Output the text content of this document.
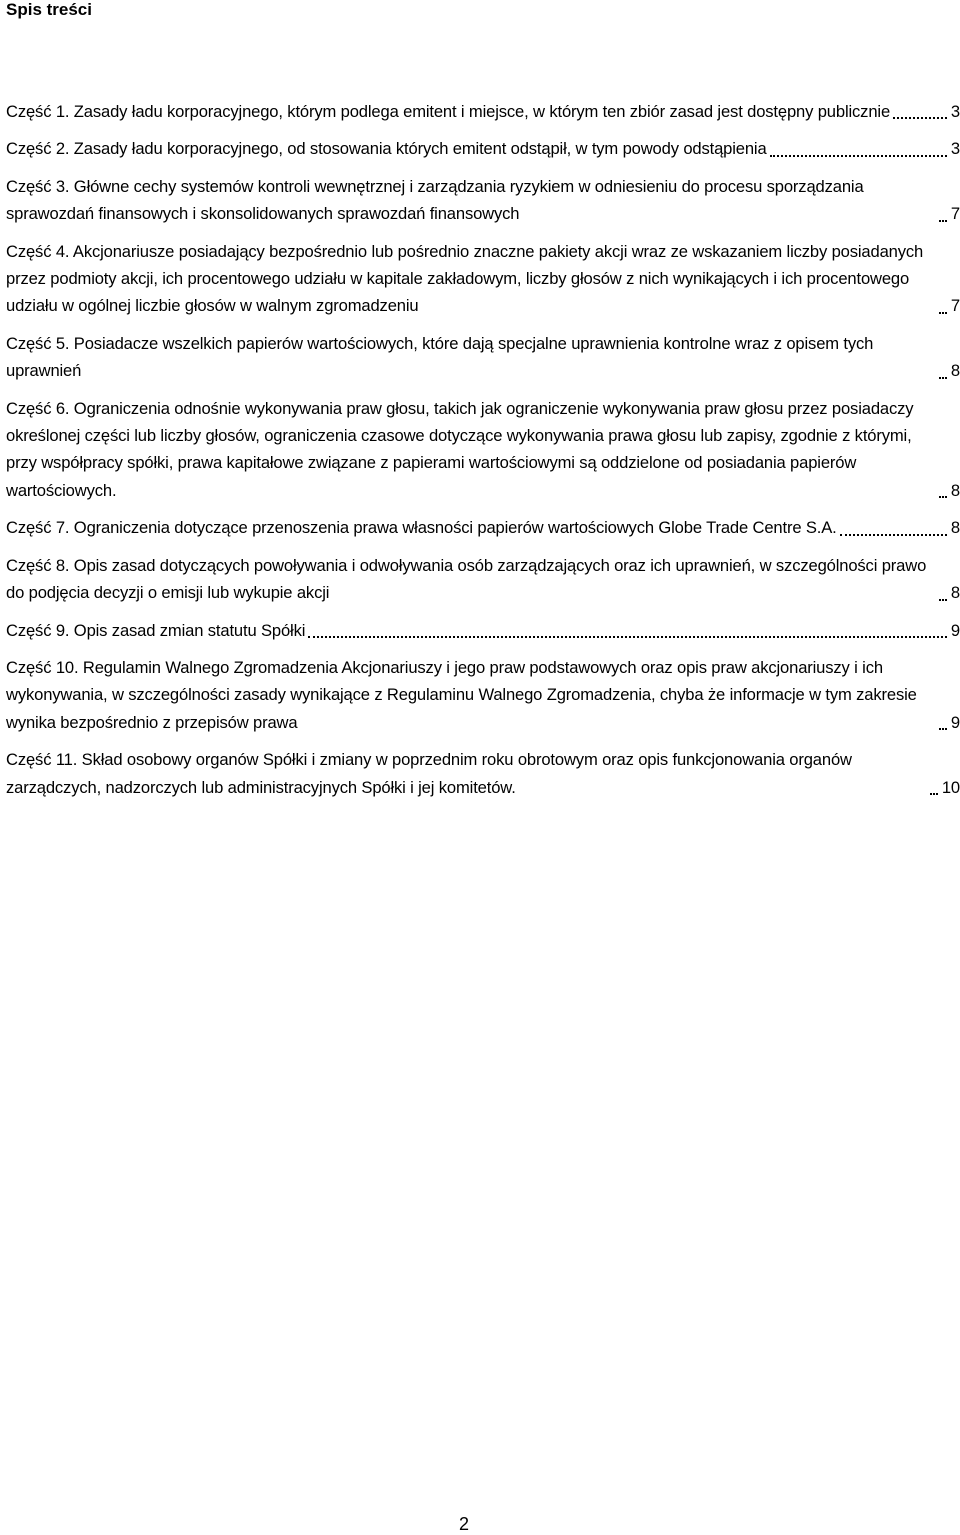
Spis treści
Część 1. Zasady ładu korporacyjnego, którym podlega emitent i miejsce, w którym ten zbiór zasad jest dostępny publicznie	3
Część 2. Zasady ładu korporacyjnego, od stosowania których emitent odstąpił, w tym powody odstąpienia	3
Część 3. Główne cechy systemów kontroli wewnętrznej i zarządzania ryzykiem w odniesieniu do procesu sporządzania sprawozdań finansowych i skonsolidowanych sprawozdań finansowych	7
Część 4. Akcjonariusze posiadający bezpośrednio lub pośrednio znaczne pakiety akcji wraz ze wskazaniem liczby posiadanych przez podmioty akcji, ich procentowego udziału w kapitale zakładowym, liczby głosów z nich wynikających i ich procentowego udziału w ogólnej liczbie głosów w walnym zgromadzeniu	7
Część 5. Posiadacze wszelkich papierów wartościowych, które dają specjalne uprawnienia kontrolne wraz z opisem tych uprawnień	8
Część 6. Ograniczenia odnośnie wykonywania praw głosu, takich jak ograniczenie wykonywania praw głosu przez posiadaczy określonej części lub liczby głosów, ograniczenia czasowe dotyczące wykonywania prawa głosu lub zapisy, zgodnie z którymi, przy współpracy spółki, prawa kapitałowe związane z papierami wartościowymi są oddzielone od posiadania papierów wartościowych.	8
Część 7. Ograniczenia dotyczące przenoszenia prawa własności papierów wartościowych Globe Trade Centre S.A.	8
Część 8. Opis zasad dotyczących powoływania i odwoływania osób zarządzających oraz ich uprawnień, w szczególności prawo do podjęcia decyzji o emisji lub wykupie akcji	8
Część 9. Opis zasad zmian statutu Spółki	9
Część 10. Regulamin Walnego Zgromadzenia Akcjonariuszy i jego praw podstawowych oraz opis praw akcjonariuszy i ich wykonywania, w szczególności zasady wynikające z Regulaminu Walnego Zgromadzenia, chyba że informacje w tym zakresie wynika bezpośrednio z przepisów prawa	9
Część 11. Skład osobowy organów Spółki i zmiany w poprzednim roku obrotowym oraz opis funkcjonowania organów zarządczych, nadzorczych lub administracyjnych Spółki i jej komitetów.	10
2
